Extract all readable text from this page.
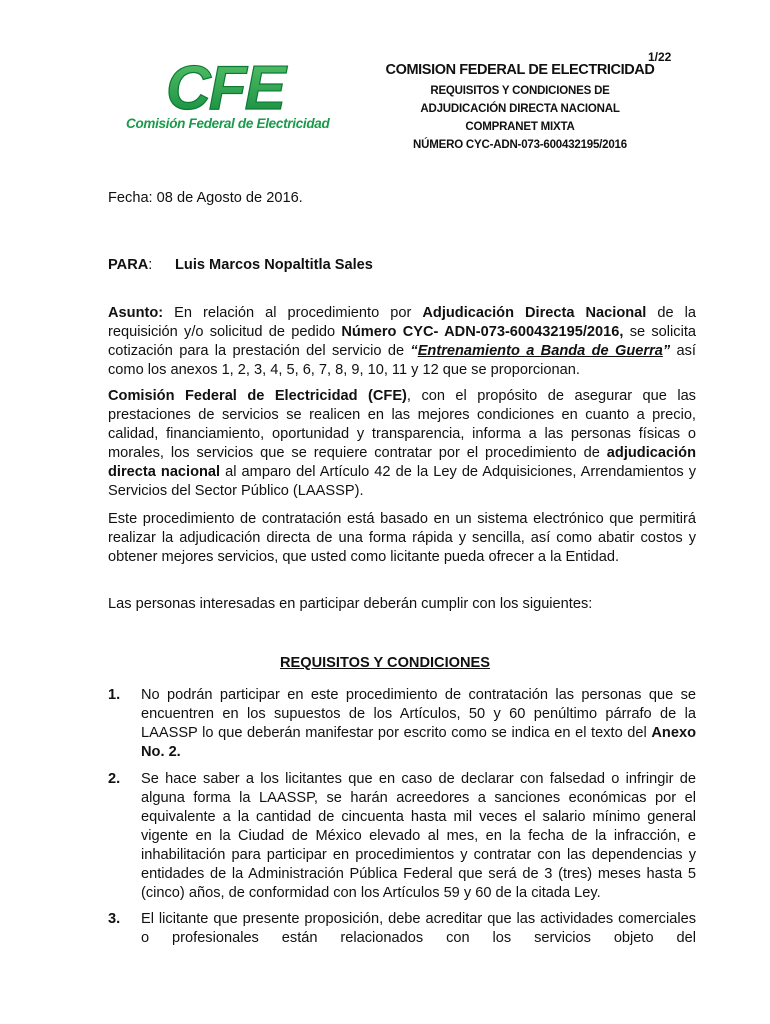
1/22
CFE
Comisión Federal de Electricidad
COMISION FEDERAL DE ELECTRICIDAD
REQUISITOS Y CONDICIONES DE
ADJUDICACIÓN DIRECTA NACIONAL
COMPRANET MIXTA
NÚMERO CYC-ADN-073-600432195/2016
Fecha: 08 de Agosto de 2016.
PARA: Luis Marcos Nopaltitla Sales
Asunto: En relación al procedimiento por Adjudicación Directa Nacional de la requisición y/o solicitud de pedido Número CYC- ADN-073-600432195/2016, se solicita cotización para la prestación del servicio de “Entrenamiento a Banda de Guerra” así como los anexos 1, 2, 3, 4, 5, 6, 7, 8, 9, 10, 11 y 12 que se proporcionan.
Comisión Federal de Electricidad (CFE), con el propósito de asegurar que las prestaciones de servicios se realicen en las mejores condiciones en cuanto a precio, calidad, financiamiento, oportunidad y transparencia, informa a las personas físicas o morales, los servicios que se requiere contratar por el procedimiento de adjudicación directa nacional al amparo del Artículo 42 de la Ley de Adquisiciones, Arrendamientos y Servicios del Sector Público (LAASSP).
Este procedimiento de contratación está basado en un sistema electrónico que permitirá realizar la adjudicación directa de una forma rápida y sencilla, así como abatir costos y obtener mejores servicios, que usted como licitante pueda ofrecer a la Entidad.
Las personas interesadas en participar deberán cumplir con los siguientes:
REQUISITOS Y CONDICIONES
1. No podrán participar en este procedimiento de contratación las personas que se encuentren en los supuestos de los Artículos, 50 y 60 penúltimo párrafo de la LAASSP lo que deberán manifestar por escrito como se indica en el texto del Anexo No. 2.
2. Se hace saber a los licitantes que en caso de declarar con falsedad o infringir de alguna forma la LAASSP, se harán acreedores a sanciones económicas por el equivalente a la cantidad de cincuenta hasta mil veces el salario mínimo general vigente en la Ciudad de México elevado al mes, en la fecha de la infracción, e inhabilitación para participar en procedimientos y contratar con las dependencias y entidades de la Administración Pública Federal que será de 3 (tres) meses hasta 5 (cinco) años, de conformidad con los Artículos 59 y 60 de la citada Ley.
3. El licitante que presente proposición, debe acreditar que las actividades comerciales o profesionales están relacionados con los servicios objeto del
